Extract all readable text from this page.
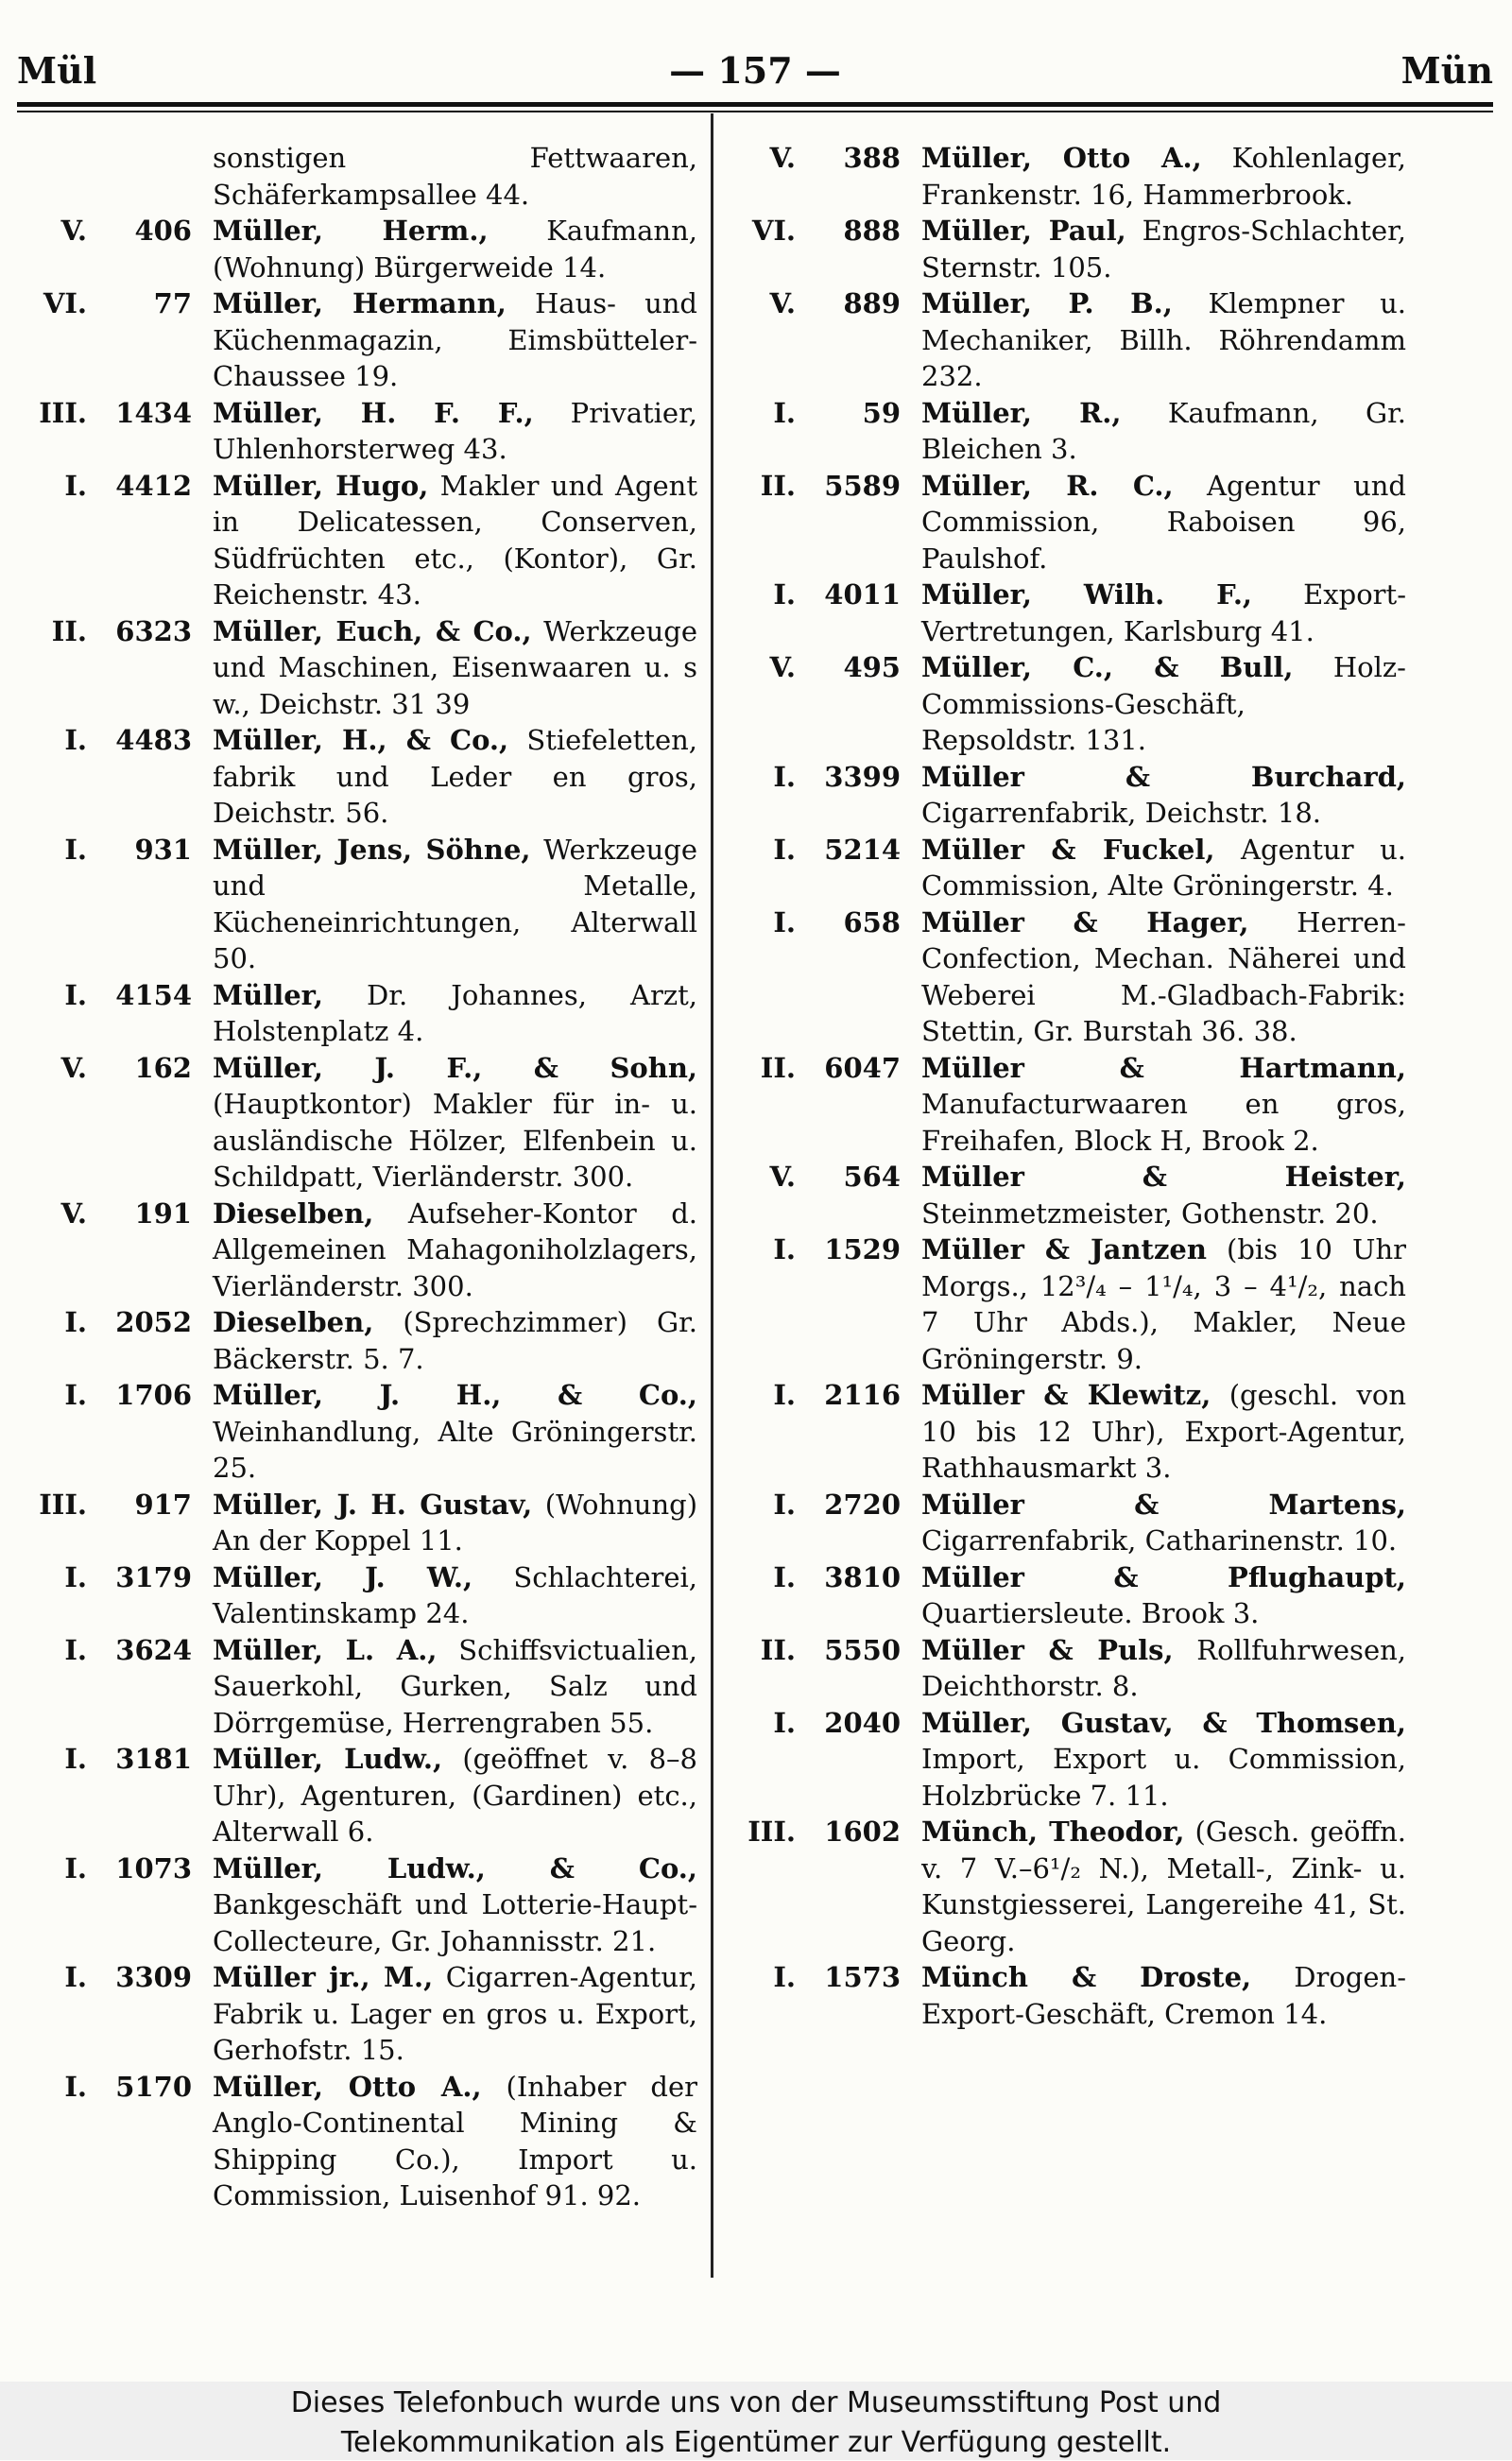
Mül	— 157 —	Mün
sonstigen Fettwaaren, Schäferkampsallee 44.
V. 406 Müller, Herm., Kaufmann, (Wohnung) Bürgerweide 14.
VI. 77 Müller, Hermann, Haus- und Küchenmagazin, Eimsbütteler-Chaussee 19.
III. 1434 Müller, H. F. F., Privatier, Uhlenhorsterweg 43.
I. 4412 Müller, Hugo, Makler und Agent in Delicatessen, Conserven, Südfrüchten etc., (Kontor), Gr. Reichenstr. 43.
II. 6323 Müller, Euch, & Co., Werkzeuge und Maschinen, Eisenwaaren u. s w., Deichstr. 31 39
I. 4483 Müller, H., & Co., Stiefeletten, fabrik und Leder en gros, Deichstr. 56.
I. 931 Müller, Jens, Söhne, Werkzeuge und Metalle, Kücheneinrichtungen, Alterwall 50.
I. 4154 Müller, Dr. Johannes, Arzt, Holstenplatz 4.
V. 162 Müller, J. F., & Sohn, (Hauptkontor) Makler für in- u. ausländische Hölzer, Elfenbein u. Schildpatt, Vierländerstr. 300.
V. 191 Dieselben, Aufseher-Kontor d. Allgemeinen Mahagoniholzlagers, Vierländerstr. 300.
I. 2052 Dieselben, (Sprechzimmer) Gr. Bäckerstr. 5. 7.
I. 1706 Müller, J. H., & Co., Weinhandlung, Alte Gröningerstr. 25.
III. 917 Müller, J. H. Gustav, (Wohnung) An der Koppel 11.
I. 3179 Müller, J. W., Schlachterei, Valentinskamp 24.
I. 3624 Müller, L. A., Schiffsvictualien, Sauerkohl, Gurken, Salz und Dörrgemüse, Herrengraben 55.
I. 3181 Müller, Ludw., (geöffnet v. 8–8 Uhr), Agenturen, (Gardinen) etc., Alterwall 6.
I. 1073 Müller, Ludw., & Co., Bankgeschäft und Lotterie-Haupt-Collecteure, Gr. Johannisstr. 21.
I. 3309 Müller jr., M., Cigarren-Agentur, Fabrik u. Lager en gros u. Export, Gerhofstr. 15.
I. 5170 Müller, Otto A., (Inhaber der Anglo-Continental Mining & Shipping Co.), Import u. Commission, Luisenhof 91. 92.
V. 388 Müller, Otto A., Kohlenlager, Frankenstr. 16, Hammerbrook.
VI. 888 Müller, Paul, Engros-Schlachter, Sternstr. 105.
V. 889 Müller, P. B., Klempner u. Mechaniker, Billh. Röhrendamm 232.
I. 59 Müller, R., Kaufmann, Gr. Bleichen 3.
II. 5589 Müller, R. C., Agentur und Commission, Raboisen 96, Paulshof.
I. 4011 Müller, Wilh. F., Export-Vertretungen, Karlsburg 41.
V. 495 Müller, C., & Bull, Holz-Commissions-Geschäft, Repsoldstr. 131.
I. 3399 Müller & Burchard, Cigarrenfabrik, Deichstr. 18.
I. 5214 Müller & Fuckel, Agentur u. Commission, Alte Gröningerstr. 4.
I. 658 Müller & Hager, Herren-Confection, Mechan. Näherei und Weberei M.-Gladbach-Fabrik: Stettin, Gr. Burstah 36. 38.
II. 6047 Müller & Hartmann, Manufacturwaaren en gros, Freihafen, Block H, Brook 2.
V. 564 Müller & Heister, Steinmetzmeister, Gothenstr. 20.
I. 1529 Müller & Jantzen (bis 10 Uhr Morgs., 12³/₄ – 1¹/₄, 3 – 4¹/₂, nach 7 Uhr Abds.), Makler, Neue Gröningerstr. 9.
I. 2116 Müller & Klewitz, (geschl. von 10 bis 12 Uhr), Export-Agentur, Rathhausmarkt 3.
I. 2720 Müller & Martens, Cigarrenfabrik, Catharinenstr. 10.
I. 3810 Müller & Pflughaupt, Quartiersleute. Brook 3.
II. 5550 Müller & Puls, Rollfuhrwesen, Deichthorstr. 8.
I. 2040 Müller, Gustav, & Thomsen, Import, Export u. Commission, Holzbrücke 7. 11.
III. 1602 Münch, Theodor, (Gesch. geöffn. v. 7 V.–6¹/₂ N.), Metall-, Zink- u. Kunstgiesserei, Langereihe 41, St. Georg.
I. 1573 Münch & Droste, Drogen-Export-Geschäft, Cremon 14.
Dieses Telefonbuch wurde uns von der Museumsstiftung Post und
Telekommunikation als Eigentümer zur Verfügung gestellt.
